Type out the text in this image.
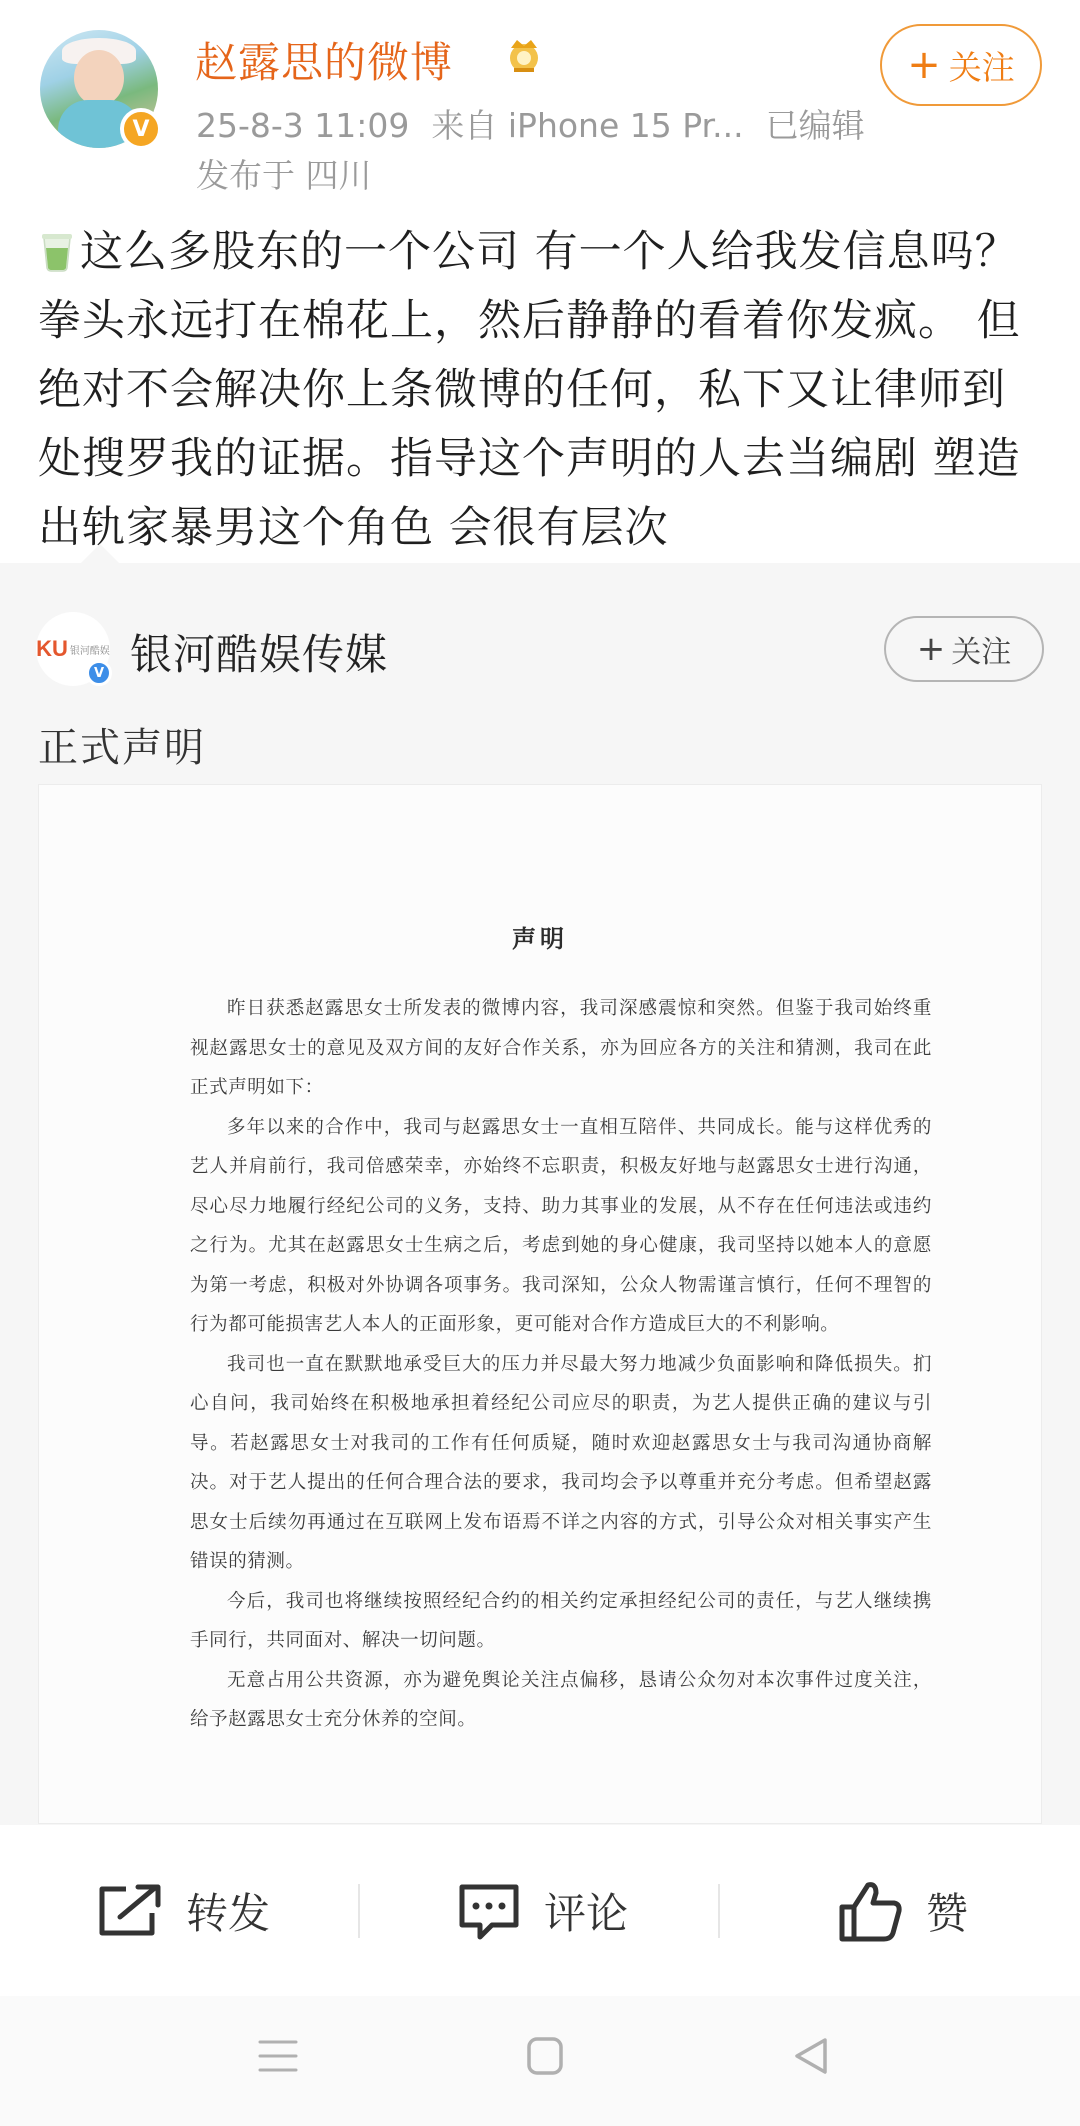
V
赵露思的微博
25-8-3 11:09 来自 iPhone 15 Pr... 已编辑
发布于 四川
+ 关注
这么多股东的一个公司 有一个人给我发信息吗？ 拳头永远打在棉花上，然后静静的看着你发疯。 但绝对不会解决你上条微博的任何，私下又让律师到处搜罗我的证据。指导这个声明的人去当编剧 塑造出轨家暴男这个角色 会很有层次
KU 银河酷娱
V 银河酷娱传媒	+ 关注
正式声明
声明

昨日获悉赵露思女士所发表的微博内容，我司深感震惊和突然。但鉴于我司始终重视赵露思女士的意见及双方间的友好合作关系，亦为回应各方的关注和猜测，我司在此正式声明如下：

多年以来的合作中，我司与赵露思女士一直相互陪伴、共同成长。能与这样优秀的艺人并肩前行，我司倍感荣幸，亦始终不忘职责，积极友好地与赵露思女士进行沟通，尽心尽力地履行经纪公司的义务，支持、助力其事业的发展，从不存在任何违法或违约之行为。尤其在赵露思女士生病之后，考虑到她的身心健康，我司坚持以她本人的意愿为第一考虑，积极对外协调各项事务。我司深知，公众人物需谨言慎行，任何不理智的行为都可能损害艺人本人的正面形象，更可能对合作方造成巨大的不利影响。

我司也一直在默默地承受巨大的压力并尽最大努力地减少负面影响和降低损失。扪心自问，我司始终在积极地承担着经纪公司应尽的职责，为艺人提供正确的建议与引导。若赵露思女士对我司的工作有任何质疑，随时欢迎赵露思女士与我司沟通协商解决。对于艺人提出的任何合理合法的要求，我司均会予以尊重并充分考虑。但希望赵露思女士后续勿再通过在互联网上发布语焉不详之内容的方式，引导公众对相关事实产生错误的猜测。

今后，我司也将继续按照经纪合约的相关约定承担经纪公司的责任，与艺人继续携手同行，共同面对、解决一切问题。

无意占用公共资源，亦为避免舆论关注点偏移，恳请公众勿对本次事件过度关注，给予赵露思女士充分休养的空间。

转发	评论	赞
